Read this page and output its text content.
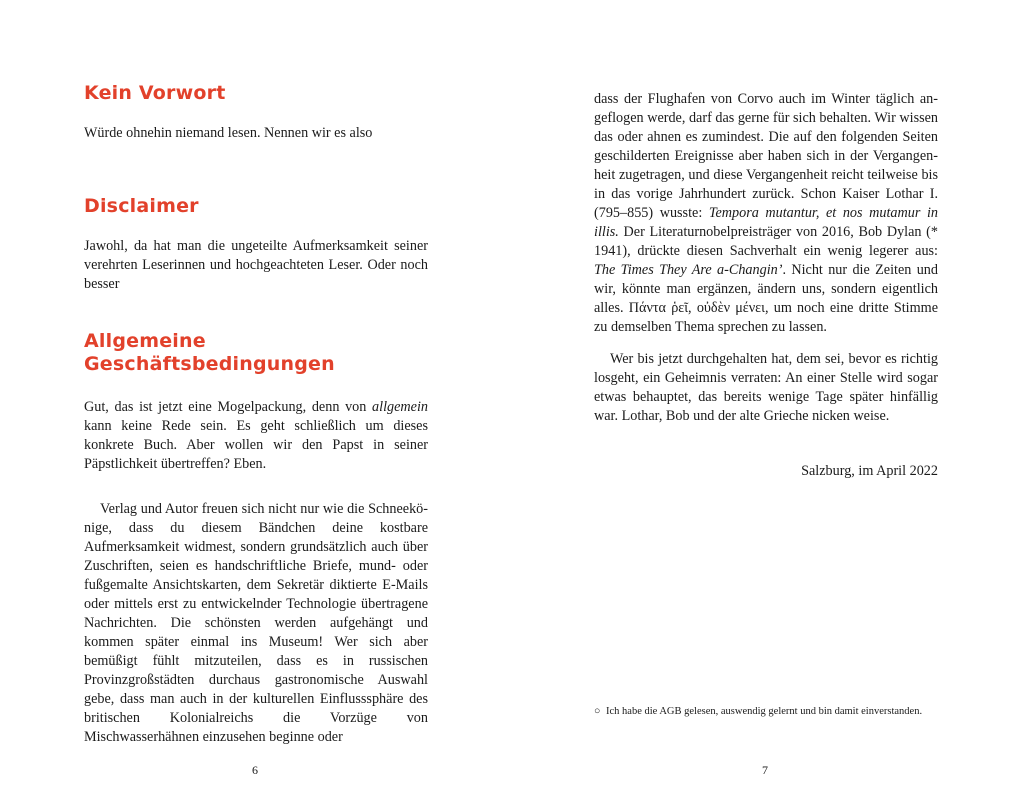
Kein Vorwort

Würde ohnehin niemand lesen. Nennen wir es also

Disclaimer

Jawohl, da hat man die ungeteilte Aufmerksamkeit seiner verehrten Leserinnen und hochgeachteten Leser. Oder noch besser

Allgemeine
Geschäftsbedingungen

Gut, das ist jetzt eine Mogelpackung, denn von allgemein kann keine Rede sein. Es geht schließlich um dieses konkrete Buch. Aber wollen wir den Papst in seiner Päpstlichkeit übertreffen? Eben.

Verlag und Autor freuen sich nicht nur wie die Schneekönige, dass du diesem Bändchen deine kostbare Aufmerksamkeit widmest, sondern grundsätzlich auch über Zuschriften, seien es handschriftliche Briefe, mund- oder fußgemalte Ansichtskarten, dem Sekretär diktierte E-Mails oder mittels erst zu entwickelnder Technologie übertragene Nachrichten. Die schönsten werden aufgehängt und kommen später einmal ins Museum! Wer sich aber bemüßigt fühlt mitzuteilen, dass es in russischen Provinzgroßstädten durchaus gastronomische Auswahl gebe, dass man auch in der kulturellen Einflusssphäre des britischen Kolonialreichs die Vorzüge von Mischwasserhähnen einzusehen beginne oder

6

dass der Flughafen von Corvo auch im Winter täglich angeflogen werde, darf das gerne für sich behalten. Wir wissen das oder ahnen es zumindest. Die auf den folgenden Seiten geschilderten Ereignisse aber haben sich in der Vergangenheit zugetragen, und diese Vergangenheit reicht teilweise bis in das vorige Jahrhundert zurück. Schon Kaiser Lothar I. (795–855) wusste: Tempora mutantur, et nos mutamur in illis. Der Literaturnobelpreisträger von 2016, Bob Dylan (* 1941), drückte diesen Sachverhalt ein wenig legerer aus: The Times They Are a-Changin’. Nicht nur die Zeiten und wir, könnte man ergänzen, ändern uns, sondern eigentlich alles. Πάντα ῥεῖ, οὐδὲν μένει, um noch eine dritte Stimme zu demselben Thema sprechen zu lassen.

Wer bis jetzt durchgehalten hat, dem sei, bevor es richtig losgeht, ein Geheimnis verraten: An einer Stelle wird sogar etwas behauptet, das bereits wenige Tage später hinfällig war. Lothar, Bob und der alte Grieche nicken weise.

Salzburg, im April 2022

○ Ich habe die AGB gelesen, auswendig gelernt und bin damit einverstanden.
7
